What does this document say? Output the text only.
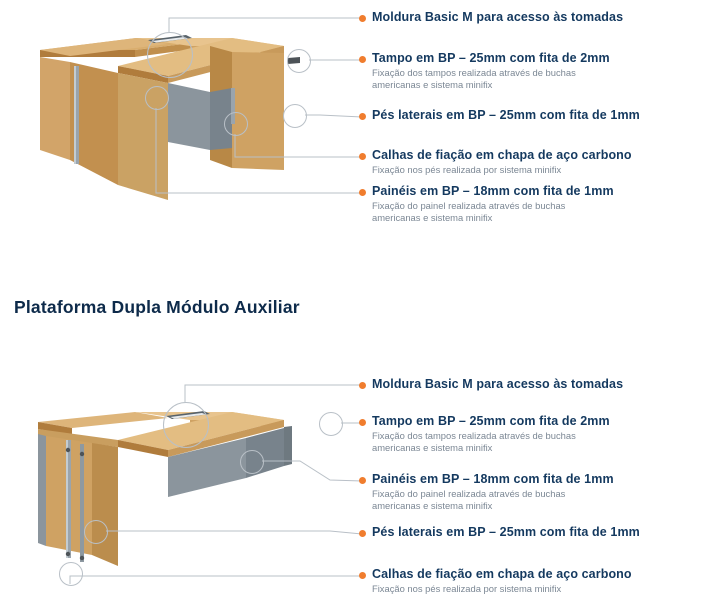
Moldura Basic M para acesso às tomadas
Tampo em BP – 25mm com fita de 2mm
Fixação dos tampos realizada através de buchas
americanas e sistema minifix
Pés laterais em BP – 25mm com fita de 1mm
Calhas de fiação em chapa de aço carbono
Fixação nos pés realizada por sistema minifix
Painéis em BP – 18mm com fita de 1mm
Fixação do painel realizada através de buchas
americanas e sistema minifix
Plataforma Dupla Módulo Auxiliar
Moldura Basic M para acesso às tomadas
Tampo em BP – 25mm com fita de 2mm
Fixação dos tampos realizada através de buchas
americanas e sistema minifix
Painéis em BP – 18mm com fita de 1mm
Fixação do painel realizada através de buchas
americanas e sistema minifix
Pés laterais em BP – 25mm com fita de 1mm
Calhas de fiação em chapa de aço carbono
Fixação nos pés realizada por sistema minifix
